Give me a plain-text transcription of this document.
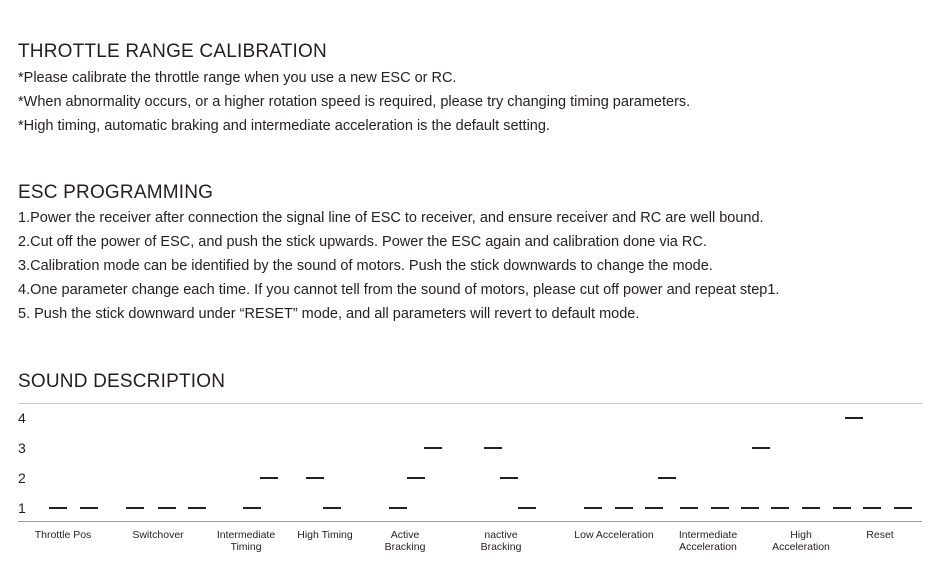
THROTTLE RANGE CALIBRATION
*Please calibrate the throttle range when you use a new ESC or RC.
*When abnormality occurs, or a higher rotation speed is required, please try changing timing parameters.
*High timing, automatic braking and intermediate acceleration is the default setting.
ESC PROGRAMMING
1.Power the receiver after connection the signal line of ESC to receiver, and ensure receiver and RC are well bound.
2.Cut off the power of ESC, and push the stick upwards. Power the ESC again and calibration done via RC.
3.Calibration mode can be identified by the sound of motors. Push the stick downwards to change the mode.
4.One parameter change each time. If you cannot tell from the sound of motors, please cut off power and repeat step1.
5. Push the stick downward under “RESET” mode, and all parameters will revert to default mode.
SOUND DESCRIPTION
1
2
3
4
Throttle Pos	Switchover	Intermediate
Timing
High Timing	Active
Bracking
nactive
Bracking
Low Acceleration	Intermediate
Acceleration
High
Acceleration
Reset
